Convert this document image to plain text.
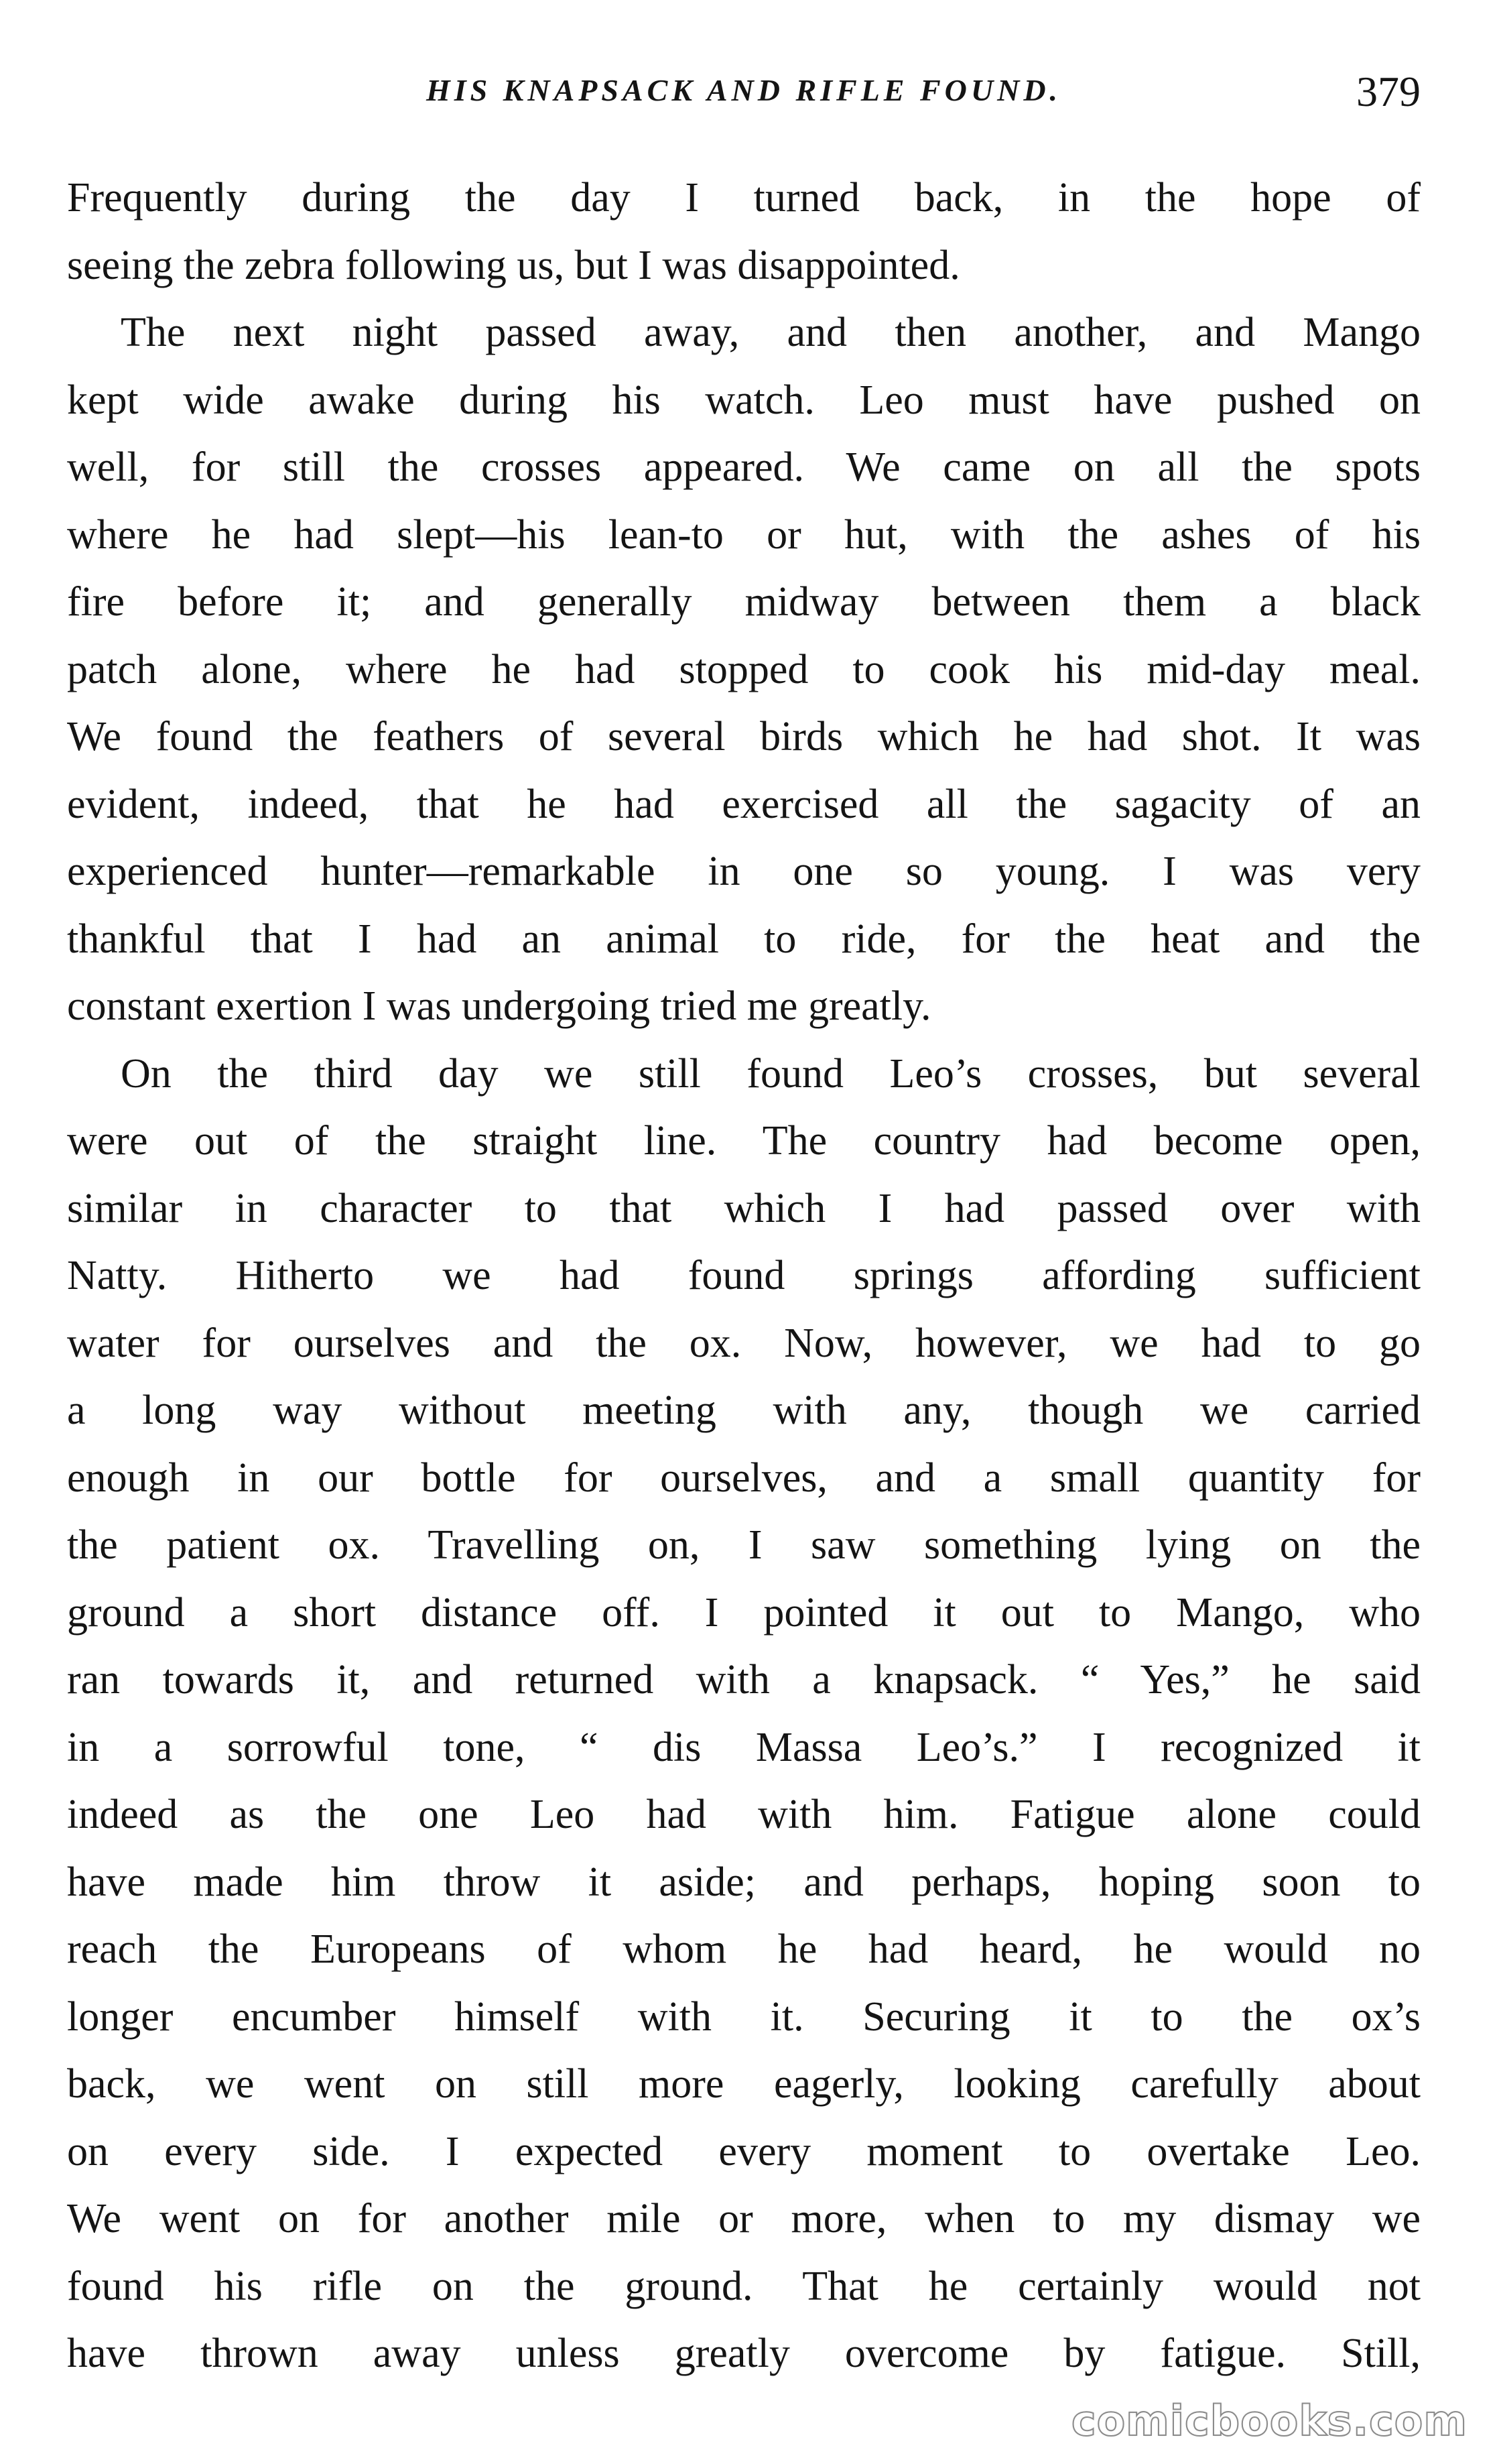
HIS KNAPSACK AND RIFLE FOUND.	379
Frequently during the day I turned back, in the hope of
seeing the zebra following us, but I was disappointed.
The next night passed away, and then another, and Mango
kept wide awake during his watch. Leo must have pushed on
well, for still the crosses appeared. We came on all the spots
where he had slept—his lean-to or hut, with the ashes of his
fire before it; and generally midway between them a black
patch alone, where he had stopped to cook his mid-day meal.
We found the feathers of several birds which he had shot. It was
evident, indeed, that he had exercised all the sagacity of an
experienced hunter—remarkable in one so young. I was very
thankful that I had an animal to ride, for the heat and the
constant exertion I was undergoing tried me greatly.
On the third day we still found Leo’s crosses, but several
were out of the straight line. The country had become open,
similar in character to that which I had passed over with
Natty. Hitherto we had found springs affording sufficient
water for ourselves and the ox. Now, however, we had to go
a long way without meeting with any, though we carried
enough in our bottle for ourselves, and a small quantity for
the patient ox. Travelling on, I saw something lying on the
ground a short distance off. I pointed it out to Mango, who
ran towards it, and returned with a knapsack. “ Yes,” he said
in a sorrowful tone, “ dis Massa Leo’s.” I recognized it
indeed as the one Leo had with him. Fatigue alone could
have made him throw it aside; and perhaps, hoping soon to
reach the Europeans of whom he had heard, he would no
longer encumber himself with it. Securing it to the ox’s
back, we went on still more eagerly, looking carefully about
on every side. I expected every moment to overtake Leo.
We went on for another mile or more, when to my dismay we
found his rifle on the ground. That he certainly would not
have thrown away unless greatly overcome by fatigue. Still,
comicbooks.com
